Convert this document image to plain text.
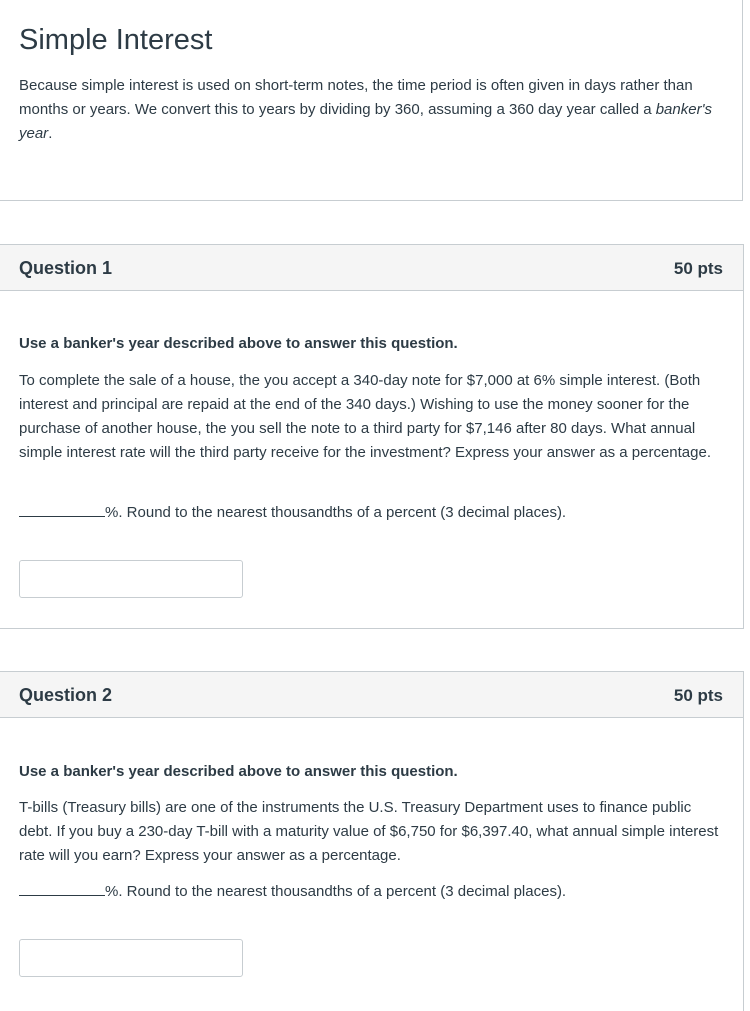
Simple Interest

Because simple interest is used on short-term notes, the time period is often given in days rather than months or years. We convert this to years by dividing by 360, assuming a 360 day year called a banker's year.

Question 1	50 pts
Use a banker's year described above to answer this question.

To complete the sale of a house, the you accept a 340-day note for $7,000 at 6% simple interest. (Both interest and principal are repaid at the end of the 340 days.) Wishing to use the money sooner for the purchase of another house, the you sell the note to a third party for $7,146 after 80 days. What annual simple interest rate will the third party receive for the investment? Express your answer as a percentage.

%. Round to the nearest thousandths of a percent (3 decimal places).
Question 2	50 pts
Use a banker's year described above to answer this question.

T-bills (Treasury bills) are one of the instruments the U.S. Treasury Department uses to finance public debt. If you buy a 230-day T-bill with a maturity value of $6,750 for $6,397.40, what annual simple interest rate will you earn? Express your answer as a percentage.

%. Round to the nearest thousandths of a percent (3 decimal places).
